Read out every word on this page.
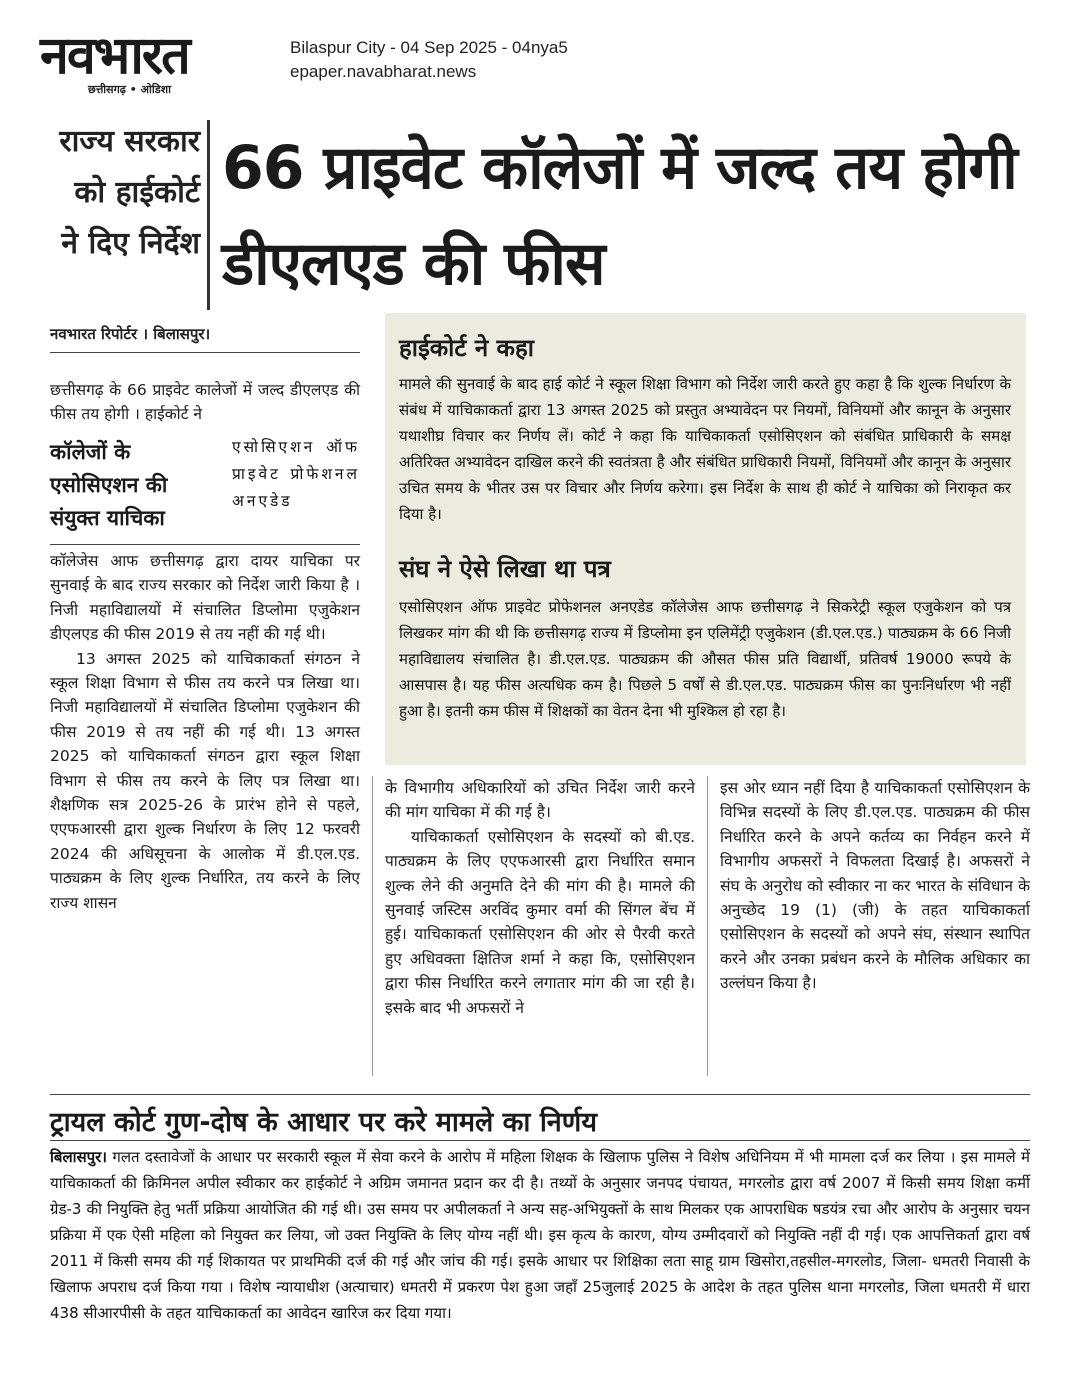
नवभारत
छत्तीसगढ़ • ओडिशा
Bilaspur City - 04 Sep 2025 - 04nya5
epaper.navabharat.news
राज्य सरकार को हाईकोर्ट ने दिए निर्देश
66 प्राइवेट कॉलेजों में जल्द तय होगी डीएलएड की फीस
नवभारत रिपोर्टर । बिलासपुर।
छत्तीसगढ़ के 66 प्राइवेट कालेजों में जल्द डीएलएड की फीस तय होगी । हाईकोर्ट ने
कॉलेजों के एसोसिएशन की संयुक्त याचिका
एसोसिएशन ऑफ प्राइवेट प्रोफेशनल अनएडेड

कॉलेजेस आफ छत्तीसगढ़ द्वारा दायर याचिका पर सुनवाई के बाद राज्य सरकार को निर्देश जारी किया है । निजी महाविद्यालयों में संचालित डिप्लोमा एजुकेशन डीएलएड की फीस 2019 से तय नहीं की गई थी।

13 अगस्त 2025 को याचिकाकर्ता संगठन ने स्कूल शिक्षा विभाग से फीस तय करने पत्र लिखा था। निजी महाविद्यालयों में संचालित डिप्लोमा एजुकेशन की फीस 2019 से तय नहीं की गई थी। 13 अगस्त 2025 को याचिकाकर्ता संगठन द्वारा स्कूल शिक्षा विभाग से फीस तय करने के लिए पत्र लिखा था। शैक्षणिक सत्र 2025-26 के प्रारंभ होने से पहले, एएफआरसी द्वारा शुल्क निर्धारण के लिए 12 फरवरी 2024 की अधिसूचना के आलोक में डी.एल.एड. पाठ्यक्रम के लिए शुल्क निर्धारित, तय करने के लिए राज्य शासन

हाईकोर्ट ने कहा
मामले की सुनवाई के बाद हाई कोर्ट ने स्कूल शिक्षा विभाग को निर्देश जारी करते हुए कहा है कि शुल्क निर्धारण के संबंध में याचिकाकर्ता द्वारा 13 अगस्त 2025 को प्रस्तुत अभ्यावेदन पर नियमों, विनियमों और कानून के अनुसार यथाशीघ्र विचार कर निर्णय लें। कोर्ट ने कहा कि याचिकाकर्ता एसोसिएशन को संबंधित प्राधिकारी के समक्ष अतिरिक्त अभ्यावेदन दाखिल करने की स्वतंत्रता है और संबंधित प्राधिकारी नियमों, विनियमों और कानून के अनुसार उचित समय के भीतर उस पर विचार और निर्णय करेगा। इस निर्देश के साथ ही कोर्ट ने याचिका को निराकृत कर दिया है।
संघ ने ऐसे लिखा था पत्र
एसोसिएशन ऑफ प्राइवेट प्रोफेशनल अनएडेड कॉलेजेस आफ छत्तीसगढ़ ने सिकरेट्री स्कूल एजुकेशन को पत्र लिखकर मांग की थी कि छत्तीसगढ़ राज्य में डिप्लोमा इन एलिमेंट्री एजुकेशन (डी.एल.एड.) पाठ्यक्रम के 66 निजी महाविद्यालय संचालित है। डी.एल.एड. पाठ्यक्रम की औसत फीस प्रति विद्यार्थी, प्रतिवर्ष 19000 रूपये के आसपास है। यह फीस अत्यधिक कम है। पिछले 5 वर्षों से डी.एल.एड. पाठ्यक्रम फीस का पुनःनिर्धारण भी नहीं हुआ है। इतनी कम फीस में शिक्षकों का वेतन देना भी मुश्किल हो रहा है।

के विभागीय अधिकारियों को उचित निर्देश जारी करने की मांग याचिका में की गई है।

याचिकाकर्ता एसोसिएशन के सदस्यों को बी.एड. पाठ्यक्रम के लिए एएफआरसी द्वारा निर्धारित समान शुल्क लेने की अनुमति देने की मांग की है। मामले की सुनवाई जस्टिस अरविंद कुमार वर्मा की सिंगल बेंच में हुई। याचिकाकर्ता एसोसिएशन की ओर से पैरवी करते हुए अधिवक्ता क्षितिज शर्मा ने कहा कि, एसोसिएशन द्वारा फीस निर्धारित करने लगातार मांग की जा रही है। इसके बाद भी अफसरों ने

इस ओर ध्यान नहीं दिया है याचिकाकर्ता एसोसिएशन के विभिन्न सदस्यों के लिए डी.एल.एड. पाठ्यक्रम की फीस निर्धारित करने के अपने कर्तव्य का निर्वहन करने में विभागीय अफसरों ने विफलता दिखाई है। अफसरों ने संघ के अनुरोध को स्वीकार ना कर भारत के संविधान के अनुच्छेद 19 (1) (जी) के तहत याचिकाकर्ता एसोसिएशन के सदस्यों को अपने संघ, संस्थान स्थापित करने और उनका प्रबंधन करने के मौलिक अधिकार का उल्लंघन किया है।

ट्रायल कोर्ट गुण-दोष के आधार पर करे मामले का निर्णय
बिलासपुर। गलत दस्तावेजों के आधार पर सरकारी स्कूल में सेवा करने के आरोप में महिला शिक्षक के खिलाफ पुलिस ने विशेष अधिनियम में भी मामला दर्ज कर लिया । इस मामले में याचिकाकर्ता की क्रिमिनल अपील स्वीकार कर हाईकोर्ट ने अग्रिम जमानत प्रदान कर दी है। तथ्यों के अनुसार जनपद पंचायत, मगरलोड द्वारा वर्ष 2007 में किसी समय शिक्षा कर्मी ग्रेड-3 की नियुक्ति हेतु भर्ती प्रक्रिया आयोजित की गई थी। उस समय पर अपीलकर्ता ने अन्य सह-अभियुक्तों के साथ मिलकर एक आपराधिक षडयंत्र रचा और आरोप के अनुसार चयन प्रक्रिया में एक ऐसी महिला को नियुक्त कर लिया, जो उक्त नियुक्ति के लिए योग्य नहीं थी। इस कृत्य के कारण, योग्य उम्मीदवारों को नियुक्ति नहीं दी गई। एक आपत्तिकर्ता द्वारा वर्ष 2011 में किसी समय की गई शिकायत पर प्राथमिकी दर्ज की गई और जांच की गई। इसके आधार पर शिक्षिका लता साहू ग्राम खिसोरा,तहसील-मगरलोड, जिला- धमतरी निवासी के खिलाफ अपराध दर्ज किया गया । विशेष न्यायाधीश (अत्याचार) धमतरी में प्रकरण पेश हुआ जहाँ 25जुलाई 2025 के आदेश के तहत पुलिस थाना मगरलोड, जिला धमतरी में धारा 438 सीआरपीसी के तहत याचिकाकर्ता का आवेदन खारिज कर दिया गया।
